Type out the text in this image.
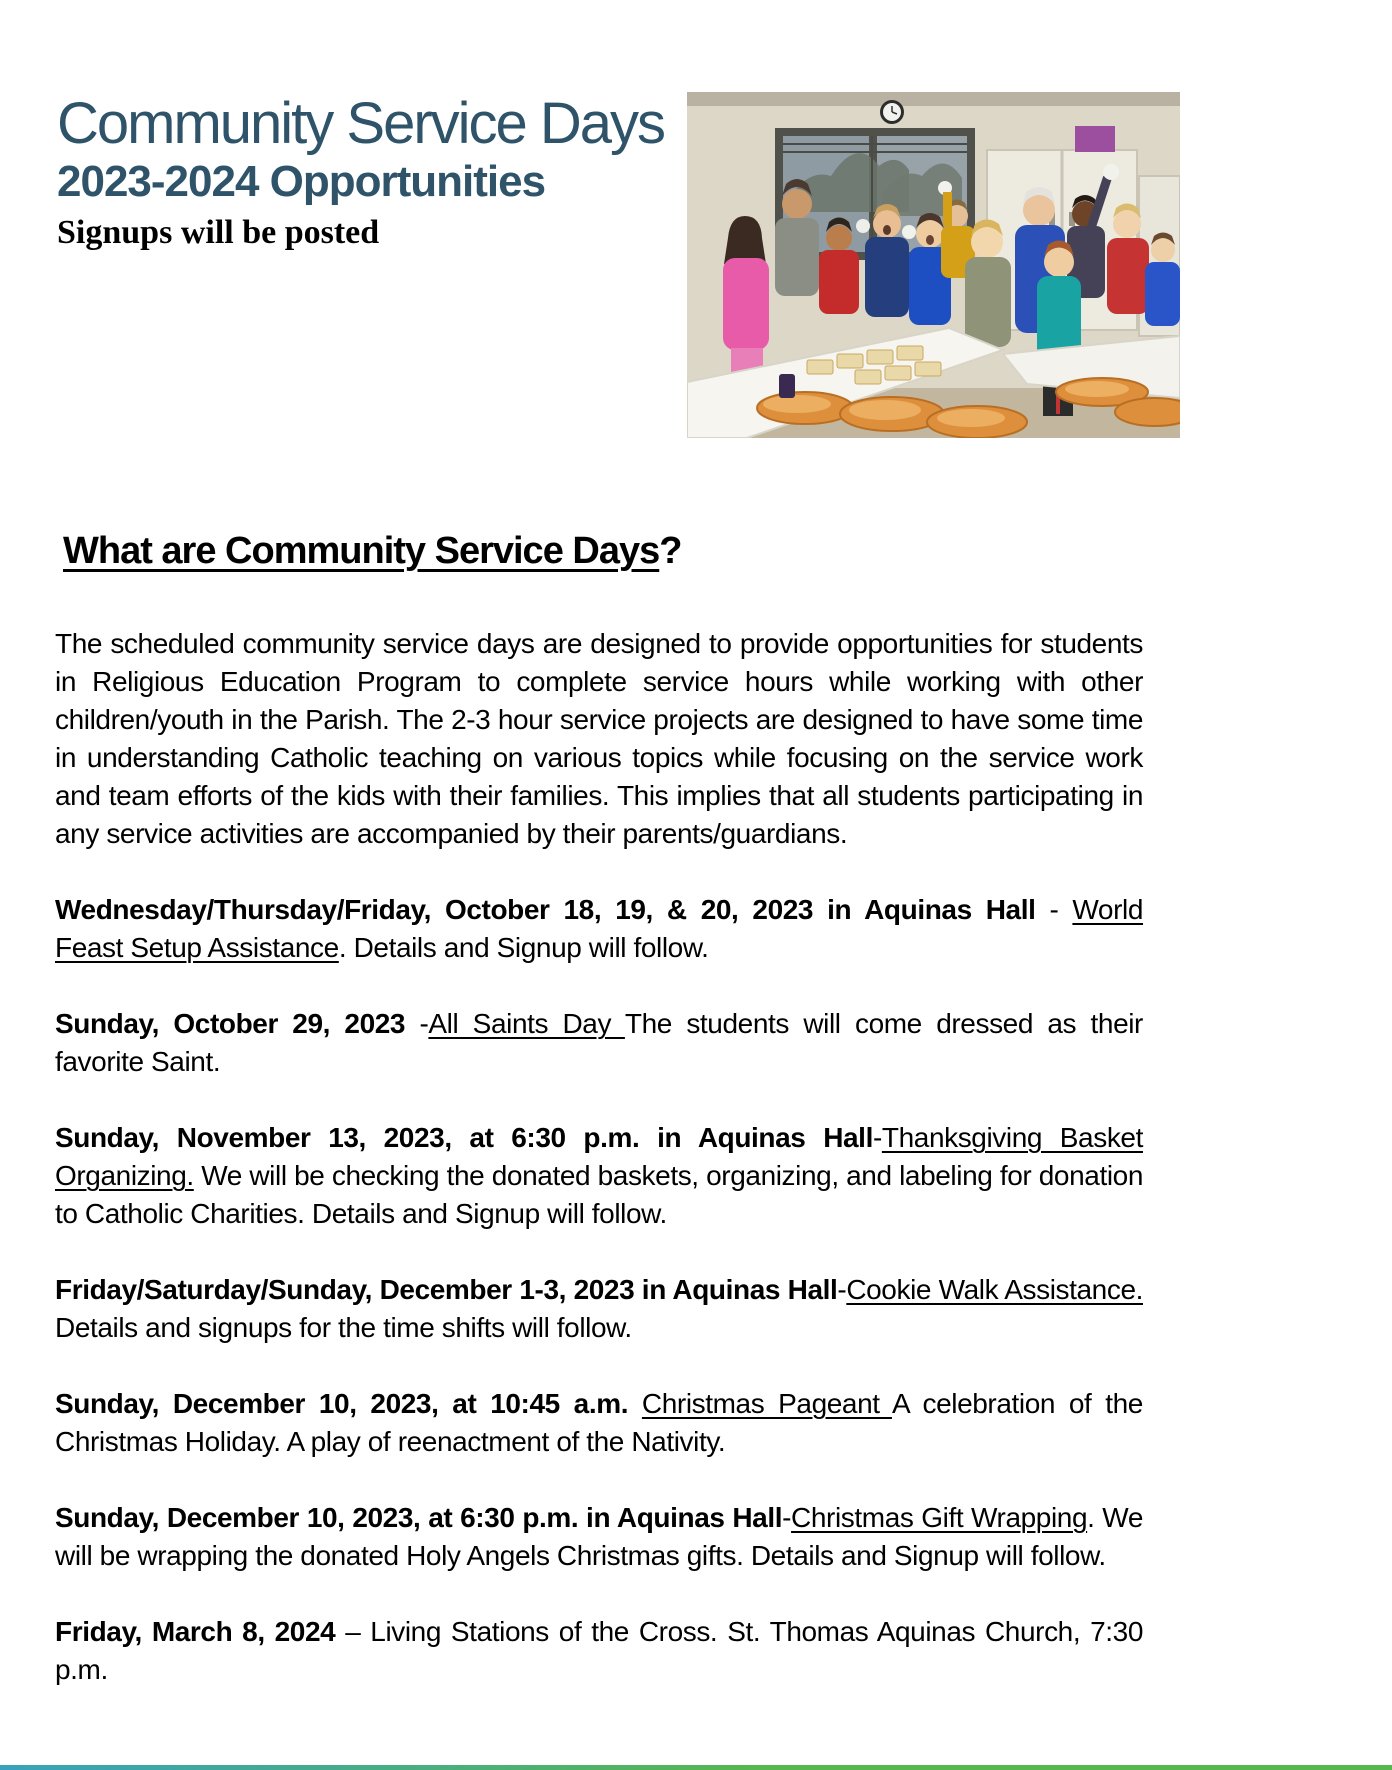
Community Service Days
2023-2024 Opportunities
Signups will be posted
What are Community Service Days?

The scheduled community service days are designed to provide opportunities for students in Religious Education Program to complete service hours while working with other children/youth in the Parish. The 2-3 hour service projects are designed to have some time in understanding Catholic teaching on various topics while focusing on the service work and team efforts of the kids with their families. This implies that all students participating in any service activities are accompanied by their parents/guardians.

Wednesday/Thursday/Friday, October 18, 19, & 20, 2023 in Aquinas Hall - World Feast Setup Assistance. Details and Signup will follow.

Sunday, October 29, 2023 -All Saints Day The students will come dressed as their favorite Saint.

Sunday, November 13, 2023, at 6:30 p.m. in Aquinas Hall-Thanksgiving Basket Organizing. We will be checking the donated baskets, organizing, and labeling for donation to Catholic Charities. Details and Signup will follow.

Friday/Saturday/Sunday, December 1-3, 2023 in Aquinas Hall-Cookie Walk Assistance. Details and signups for the time shifts will follow.

Sunday, December 10, 2023, at 10:45 a.m. Christmas Pageant A celebration of the Christmas Holiday. A play of reenactment of the Nativity.

Sunday, December 10, 2023, at 6:30 p.m. in Aquinas Hall-Christmas Gift Wrapping. We will be wrapping the donated Holy Angels Christmas gifts. Details and Signup will follow.

Friday, March 8, 2024 – Living Stations of the Cross. St. Thomas Aquinas Church, 7:30 p.m.
